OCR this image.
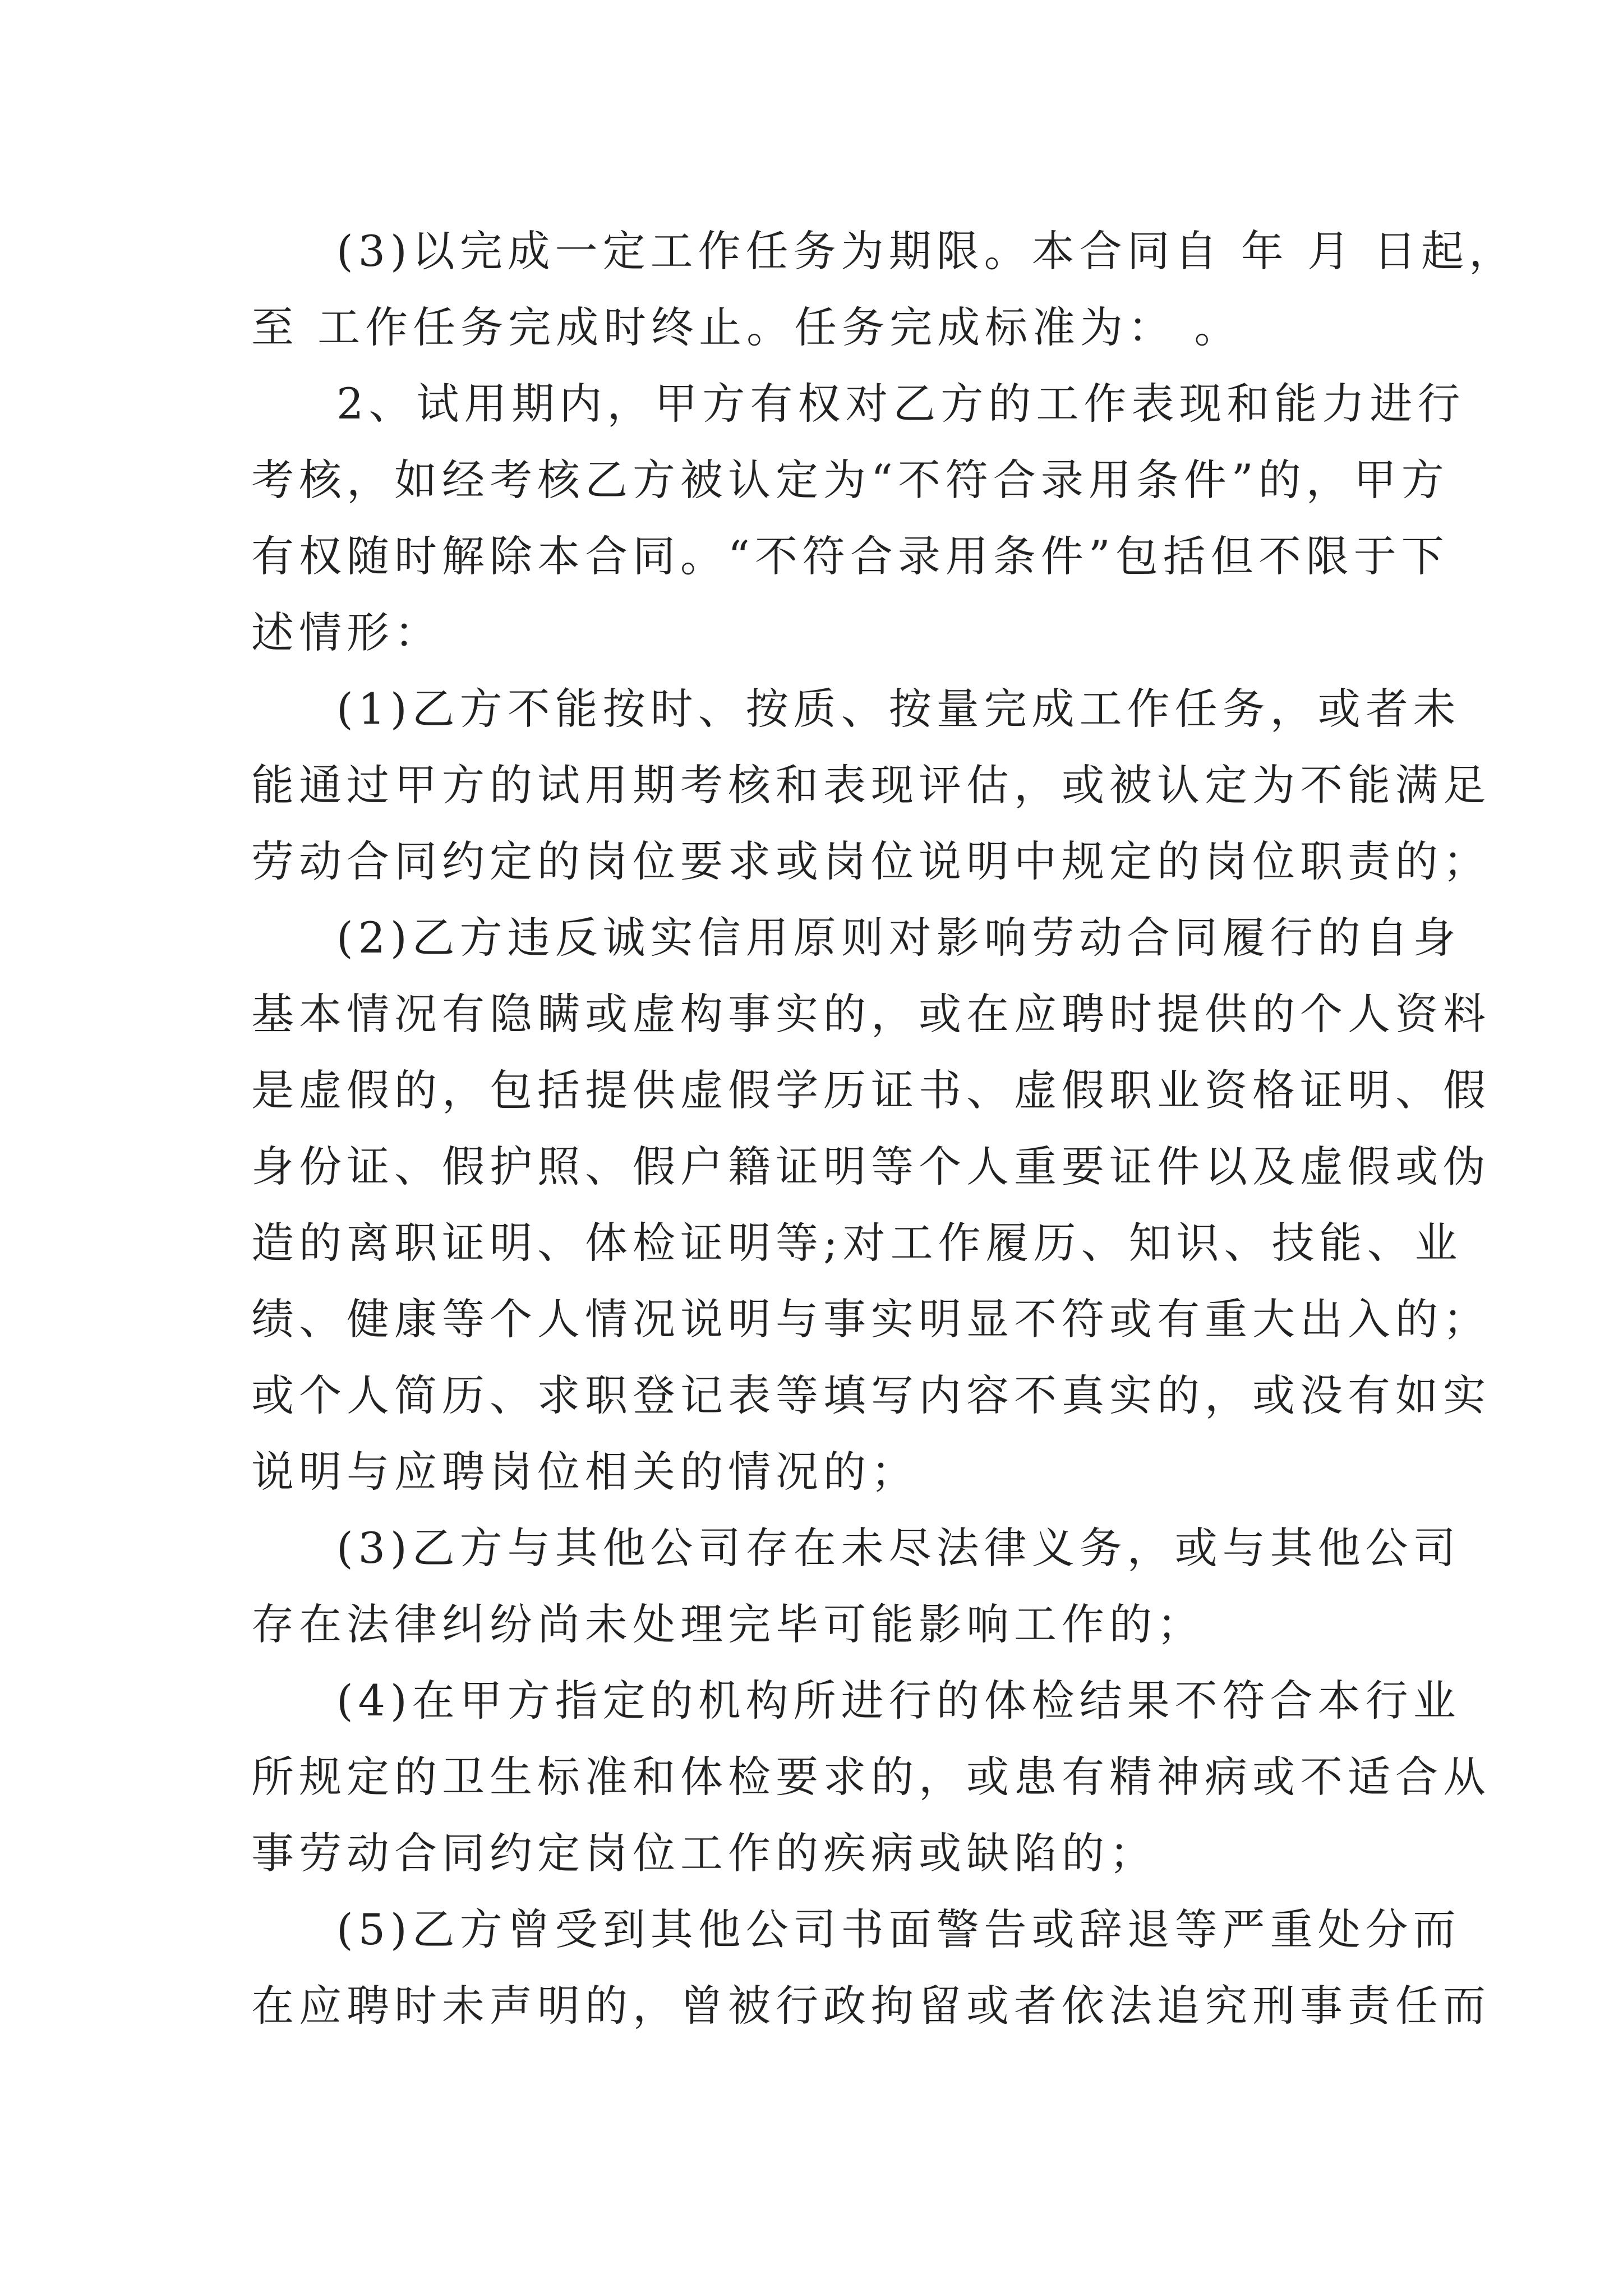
(3)以完成一定工作任务为期限。本合同自 年 月 日起，
至 工作任务完成时终止。任务完成标准为： 。
2、试用期内，甲方有权对乙方的工作表现和能力进行
考核，如经考核乙方被认定为“不符合录用条件”的，甲方
有权随时解除本合同。“不符合录用条件”包括但不限于下
述情形：
(1)乙方不能按时、按质、按量完成工作任务，或者未
能通过甲方的试用期考核和表现评估，或被认定为不能满足
劳动合同约定的岗位要求或岗位说明中规定的岗位职责的；
(2)乙方违反诚实信用原则对影响劳动合同履行的自身
基本情况有隐瞒或虚构事实的，或在应聘时提供的个人资料
是虚假的，包括提供虚假学历证书、虚假职业资格证明、假
身份证、假护照、假户籍证明等个人重要证件以及虚假或伪
造的离职证明、体检证明等;对工作履历、知识、技能、业
绩、健康等个人情况说明与事实明显不符或有重大出入的；
或个人简历、求职登记表等填写内容不真实的，或没有如实
说明与应聘岗位相关的情况的；
(3)乙方与其他公司存在未尽法律义务，或与其他公司
存在法律纠纷尚未处理完毕可能影响工作的；
(4)在甲方指定的机构所进行的体检结果不符合本行业
所规定的卫生标准和体检要求的，或患有精神病或不适合从
事劳动合同约定岗位工作的疾病或缺陷的；
(5)乙方曾受到其他公司书面警告或辞退等严重处分而
在应聘时未声明的，曾被行政拘留或者依法追究刑事责任而
